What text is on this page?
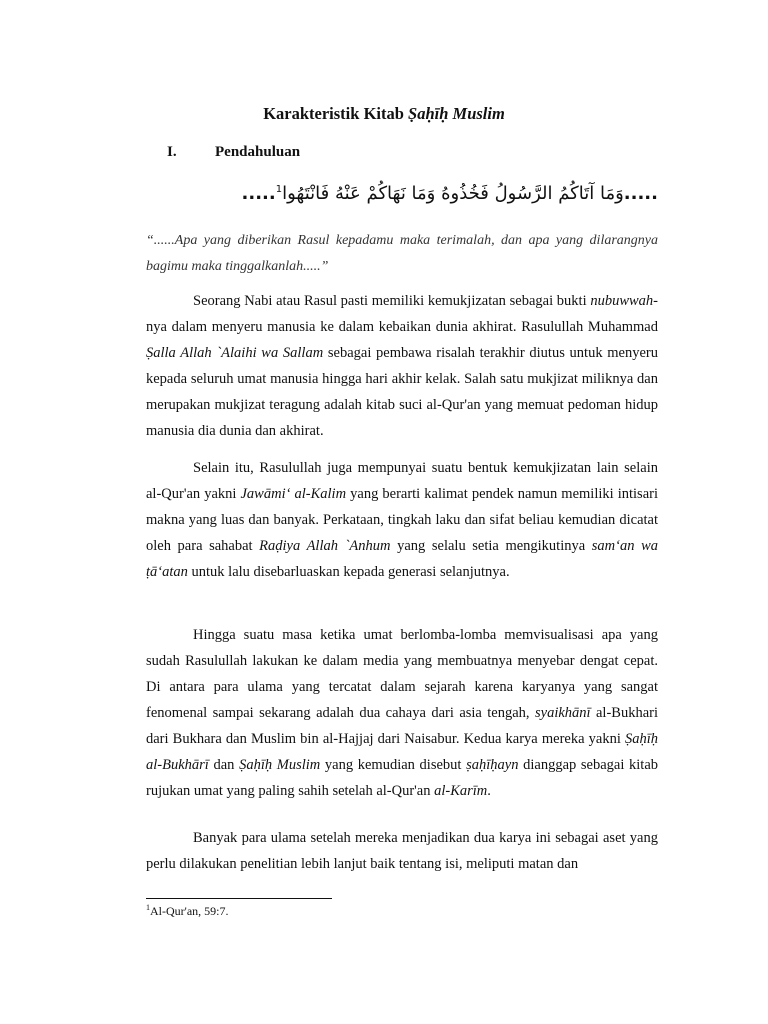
Karakteristik Kitab Ṣaḥīḥ Muslim
I.	Pendahuluan
.....$^1$وَمَا آتَاكُمُ الرَّسُولُ فَخُذُوهُ وَمَا نَهَاكُمْ عَنْهُ فَانْتَهُوا.....
“......Apa yang diberikan Rasul kepadamu maka terimalah, dan apa yang dilarangnya bagimu maka tinggalkanlah.....”

Seorang Nabi atau Rasul pasti memiliki kemukjizatan sebagai bukti nubuwwah-nya dalam menyeru manusia ke dalam kebaikan dunia akhirat. Rasulullah Muhammad Ṣalla Allah `Alaihi wa Sallam sebagai pembawa risalah terakhir diutus untuk menyeru kepada seluruh umat manusia hingga hari akhir kelak. Salah satu mukjizat miliknya dan merupakan mukjizat teragung adalah kitab suci al-Qur'an yang memuat pedoman hidup manusia dia dunia dan akhirat.

Selain itu, Rasulullah juga mempunyai suatu bentuk kemukjizatan lain selain al-Qur'an yakni Jawāmi‘ al-Kalim yang berarti kalimat pendek namun memiliki intisari makna yang luas dan banyak. Perkataan, tingkah laku dan sifat beliau kemudian dicatat oleh para sahabat Raḍiya Allah `Anhum yang selalu setia mengikutinya sam‘an wa ṭā‘atan untuk lalu disebarluaskan kepada generasi selanjutnya.

Hingga suatu masa ketika umat berlomba-lomba memvisualisasi apa yang sudah Rasulullah lakukan ke dalam media yang membuatnya menyebar dengat cepat. Di antara para ulama yang tercatat dalam sejarah karena karyanya yang sangat fenomenal sampai sekarang adalah dua cahaya dari asia tengah, syaikhānī al-Bukhari dari Bukhara dan Muslim bin al-Hajjaj dari Naisabur. Kedua karya mereka yakni Ṣaḥīḥ al-Bukhārī dan Ṣaḥīḥ Muslim yang kemudian disebut ṣaḥīḥayn dianggap sebagai kitab rujukan umat yang paling sahih setelah al-Qur'an al-Karīm.

Banyak para ulama setelah mereka menjadikan dua karya ini sebagai aset yang perlu dilakukan penelitian lebih lanjut baik tentang isi, meliputi matan dan

$^1$Al-Qur'an, 59:7.
